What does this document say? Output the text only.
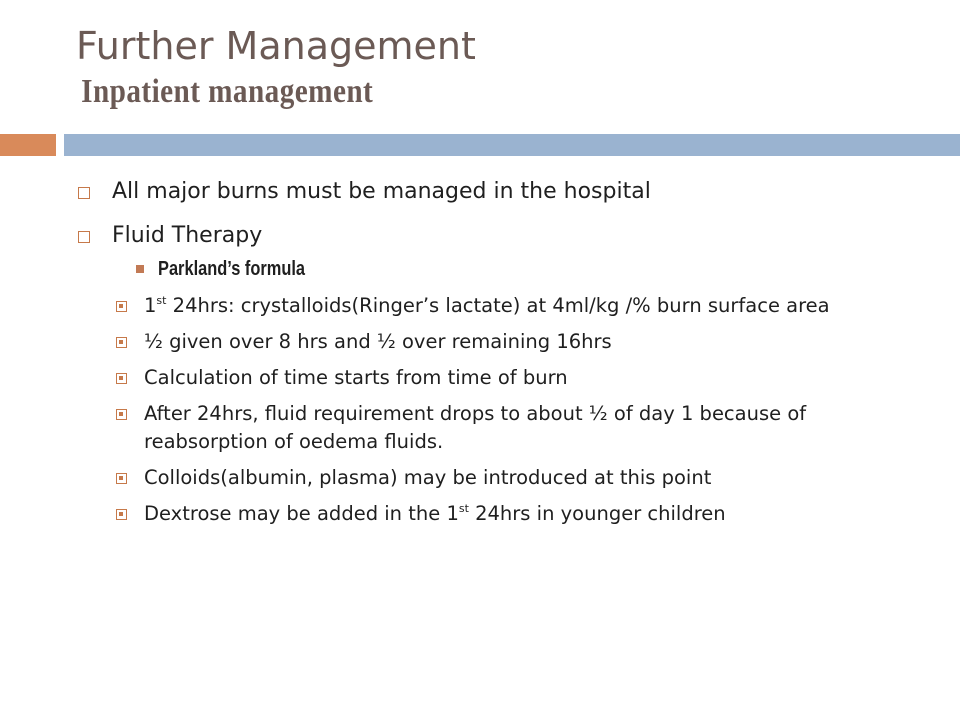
Further Management
Inpatient management
All major burns must be managed in the hospital
Fluid Therapy
Parkland’s formula
1st 24hrs: crystalloids(Ringer’s lactate) at 4ml/kg /% burn surface area
½ given over 8 hrs and ½ over remaining 16hrs
Calculation of time starts from time of burn
After 24hrs, fluid requirement drops to about ½ of day 1 because of reabsorption of oedema fluids.
Colloids(albumin, plasma) may be introduced at this point
Dextrose may be added in the 1st 24hrs in younger children
